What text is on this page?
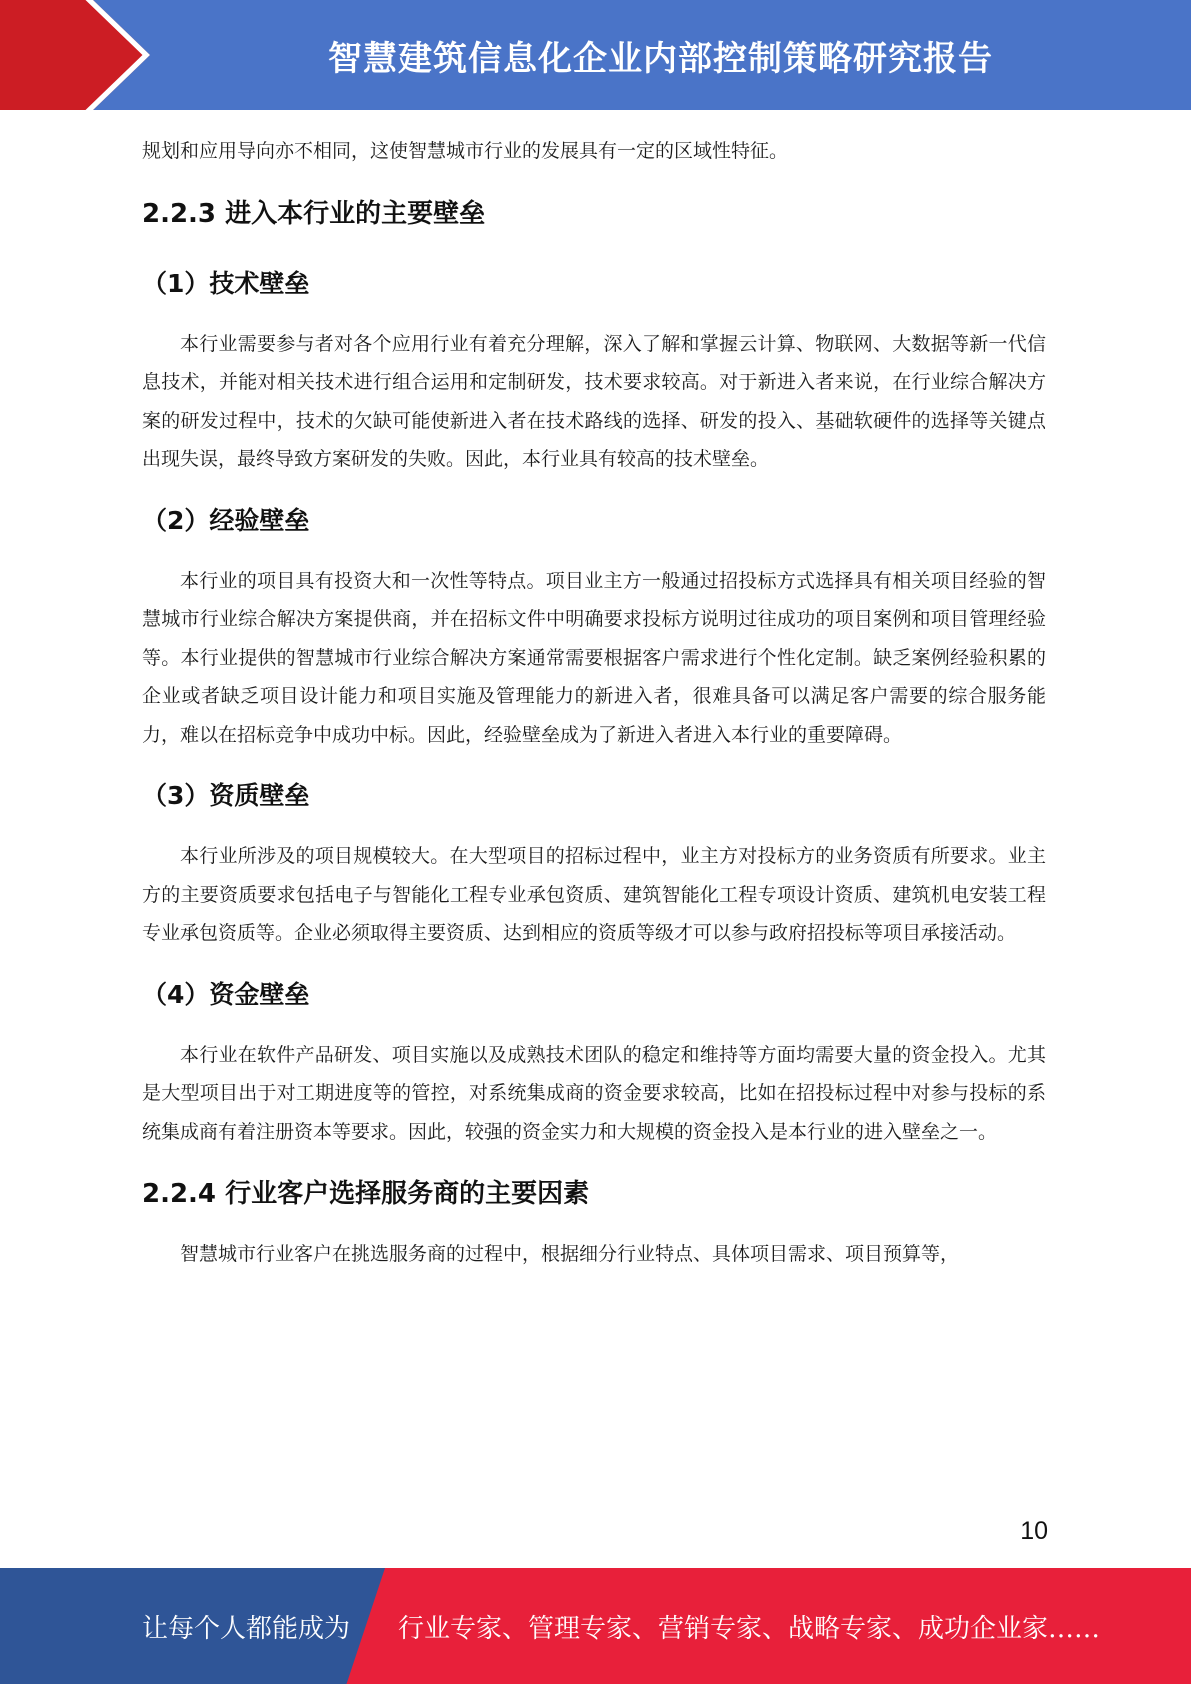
智慧建筑信息化企业内部控制策略研究报告

规划和应用导向亦不相同，这使智慧城市行业的发展具有一定的区域性特征。

2.2.3 进入本行业的主要壁垒
（1）技术壁垒

本行业需要参与者对各个应用行业有着充分理解，深入了解和掌握云计算、物联网、大数据等新一代信息技术，并能对相关技术进行组合运用和定制研发，技术要求较高。对于新进入者来说，在行业综合解决方案的研发过程中，技术的欠缺可能使新进入者在技术路线的选择、研发的投入、基础软硬件的选择等关键点出现失误，最终导致方案研发的失败。因此，本行业具有较高的技术壁垒。

（2）经验壁垒

本行业的项目具有投资大和一次性等特点。项目业主方一般通过招投标方式选择具有相关项目经验的智慧城市行业综合解决方案提供商，并在招标文件中明确要求投标方说明过往成功的项目案例和项目管理经验等。本行业提供的智慧城市行业综合解决方案通常需要根据客户需求进行个性化定制。缺乏案例经验积累的企业或者缺乏项目设计能力和项目实施及管理能力的新进入者，很难具备可以满足客户需要的综合服务能力，难以在招标竞争中成功中标。因此，经验壁垒成为了新进入者进入本行业的重要障碍。

（3）资质壁垒

本行业所涉及的项目规模较大。在大型项目的招标过程中，业主方对投标方的业务资质有所要求。业主方的主要资质要求包括电子与智能化工程专业承包资质、建筑智能化工程专项设计资质、建筑机电安装工程专业承包资质等。企业必须取得主要资质、达到相应的资质等级才可以参与政府招投标等项目承接活动。

（4）资金壁垒

本行业在软件产品研发、项目实施以及成熟技术团队的稳定和维持等方面均需要大量的资金投入。尤其是大型项目出于对工期进度等的管控，对系统集成商的资金要求较高，比如在招投标过程中对参与投标的系统集成商有着注册资本等要求。因此，较强的资金实力和大规模的资金投入是本行业的进入壁垒之一。

2.2.4 行业客户选择服务商的主要因素

智慧城市行业客户在挑选服务商的过程中，根据细分行业特点、具体项目需求、项目预算等，

10
让每个人都能成为 行业专家、管理专家、营销专家、战略专家、成功企业家……
